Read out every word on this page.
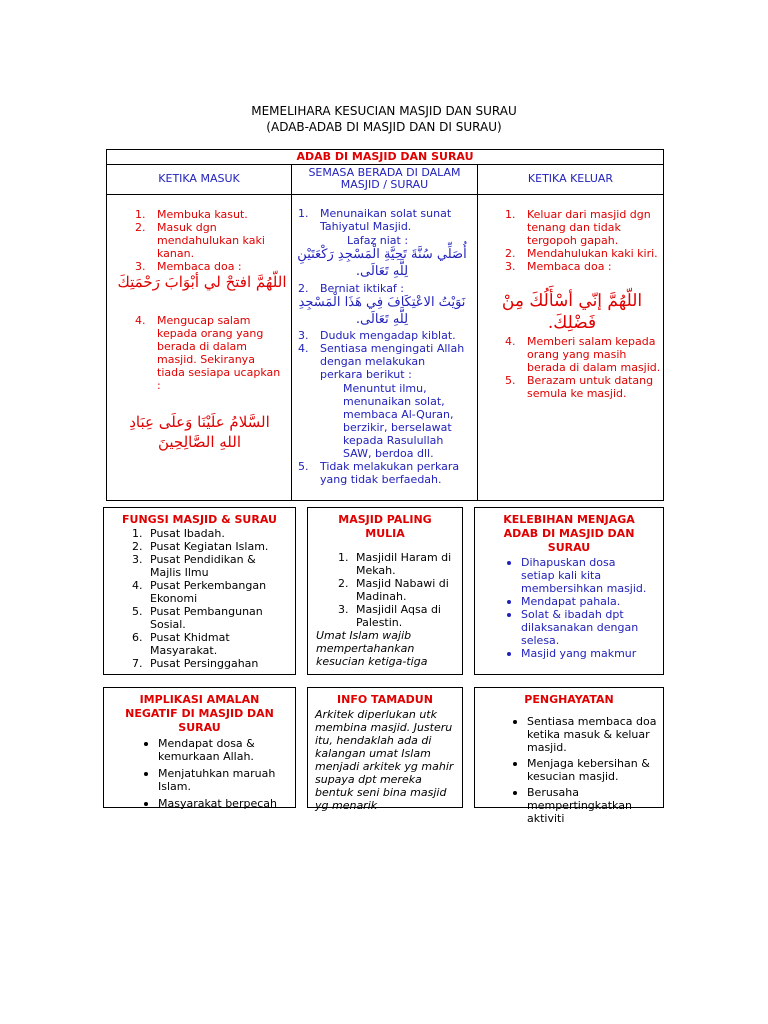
MEMELIHARA KESUCIAN MASJID DAN SURAU
(ADAB-ADAB DI MASJID DAN DI SURAU)
ADAB DI MASJID DAN SURAU
KETIKA MASUK	SEMASA BERADA DI DALAM MASJID / SURAU	KETIKA KELUAR
1. Membuka kasut.
2. Masuk dgn mendahulukan kaki kanan.
3. Membaca doa :
اللّهُمَّ افتحْ لي أبْوَابَ رَحْمَتِكَ
4. Mengucap salam kepada orang yang berada di dalam masjid. Sekiranya tiada sesiapa ucapkan :
السَّلامُ علَيْنَا وَعلَى عِبَادِ اللهِ الصَّالِحِينَ
1. Menunaikan solat sunat Tahiyatul Masjid.
Lafaz niat :
أُصَلِّي سُنَّةَ تَحِيَّةِ الْمَسْجِدِ رَكْعَتَيْنِ لِلَّهِ تَعَالَى.
2. Berniat iktikaf :
نَوَيْتُ الاعْتِكَافَ فِي هَذَا الْمَسْجِدِ لِلَّهِ تَعَالَى.
3. Duduk mengadap kiblat.
4. Sentiasa mengingati Allah dengan melakukan perkara berikut :
Menuntut ilmu, menunaikan solat, membaca Al-Quran, berzikir, berselawat kepada Rasulullah SAW, berdoa dll.
5. Tidak melakukan perkara yang tidak berfaedah.
1. Keluar dari masjid dgn tenang dan tidak tergopoh gapah.
2. Mendahulukan kaki kiri.
3. Membaca doa :
اللّهُمَّ إنّي أسْأَلُكَ مِنْ فَضْلِكَ.
4. Memberi salam kepada orang yang masih berada di dalam masjid.
5. Berazam untuk datang semula ke masjid.
FUNGSI MASJID & SURAU
1. Pusat Ibadah.
2. Pusat Kegiatan Islam.
3. Pusat Pendidikan & Majlis Ilmu
4. Pusat Perkembangan Ekonomi
5. Pusat Pembangunan Sosial.
6. Pusat Khidmat Masyarakat.
7. Pusat Persinggahan
MASJID PALING MULIA
1. Masjidil Haram di Mekah.
2. Masjid Nabawi di Madinah.
3. Masjidil Aqsa di Palestin.
Umat Islam wajib mempertahankan kesucian ketiga-tiga
KELEBIHAN MENJAGA ADAB DI MASJID DAN SURAU
Dihapuskan dosa setiap kali kita membersihkan masjid.
Mendapat pahala.
Solat & ibadah dpt dilaksanakan dengan selesa.
Masjid yang makmur
IMPLIKASI AMALAN NEGATIF DI MASJID DAN SURAU
Mendapat dosa & kemurkaan Allah.
Menjatuhkan maruah Islam.
Masyarakat berpecah
INFO TAMADUN
Arkitek diperlukan utk membina masjid. Justeru itu, hendaklah ada di kalangan umat Islam menjadi arkitek yg mahir supaya dpt mereka bentuk seni bina masjid yg menarik
PENGHAYATAN
Sentiasa membaca doa ketika masuk & keluar masjid.
Menjaga kebersihan & kesucian masjid.
Berusaha mempertingkatkan aktiviti
